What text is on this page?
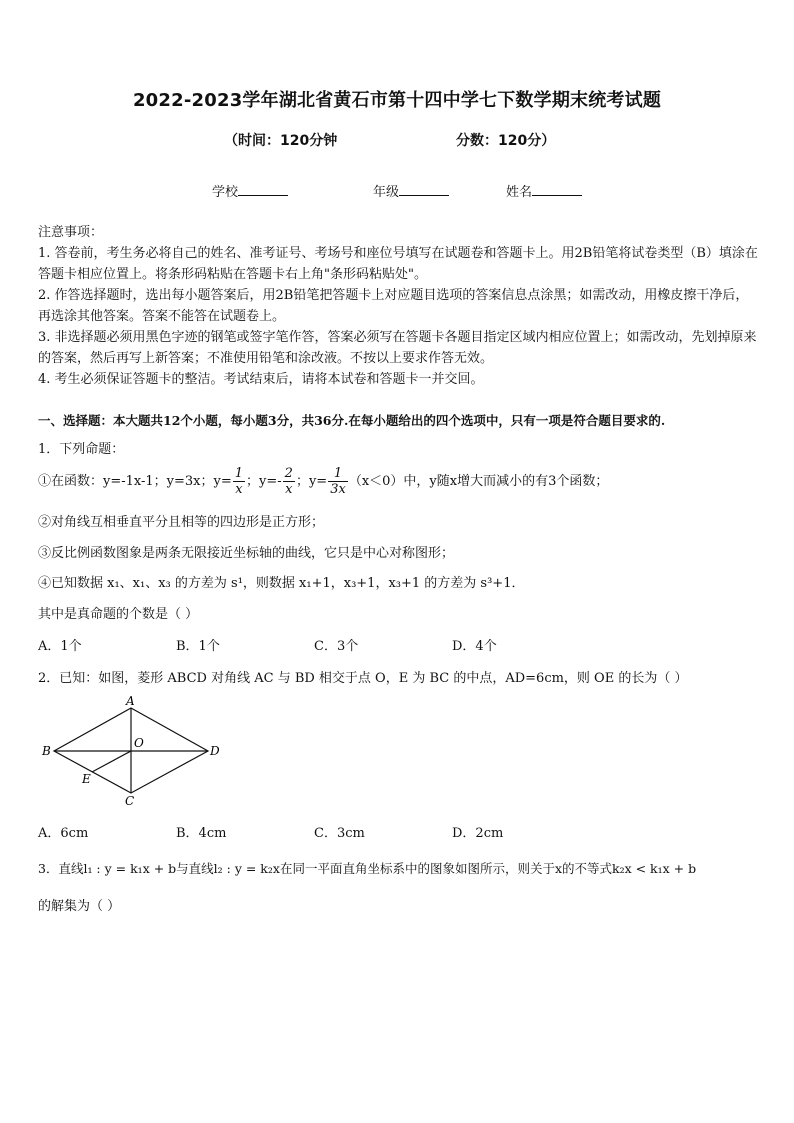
2022-2023学年湖北省黄石市第十四中学七下数学期末统考试题
（时间：120分钟	分数：120分）
学校	年级	姓名
注意事项：
1. 答卷前，考生务必将自己的姓名、准考证号、考场号和座位号填写在试题卷和答题卡上。用2B铅笔将试卷类型（B）填涂在答题卡相应位置上。将条形码粘贴在答题卡右上角"条形码粘贴处"。
2. 作答选择题时，选出每小题答案后，用2B铅笔把答题卡上对应题目选项的答案信息点涂黑；如需改动，用橡皮擦干净后，再选涂其他答案。答案不能答在试题卷上。
3. 非选择题必须用黑色字迹的钢笔或签字笔作答，答案必须写在答题卡各题目指定区域内相应位置上；如需改动，先划掉原来的答案，然后再写上新答案；不准使用铅笔和涂改液。不按以上要求作答无效。
4. 考生必须保证答题卡的整洁。考试结束后，请将本试卷和答题卡一并交回。
一、选择题：本大题共12个小题，每小题3分，共36分.在每小题给出的四个选项中，只有一项是符合题目要求的.
1．下列命题：
①在函数：y=-1x-1；y=3x；$y= \frac{1}{x}$ ；$y=- \frac{2}{x}$ ；$y= \frac{1}{3x} (x<0)$中，y随x增大而减小的有3个函数；
②对角线互相垂直平分且相等的四边形是正方形；
③反比例函数图象是两条无限接近坐标轴的曲线，它只是中心对称图形；
④已知数据 x₁、x₁、x₃ 的方差为 s¹，则数据 x₁+1，x₃+1，x₃+1 的方差为 s³+1．
其中是真命题的个数是（ ）
A．1个	B．1个	C．3个	D．4个
2．已知：如图，菱形 ABCD 对角线 AC 与 BD 相交于点 O，E 为 BC 的中点，AD=6cm，则 OE 的长为（ ）
A
B
C
D
O
E
A．6cm	B．4cm	C．3cm	D．2cm
3．直线l₁ : y = k₁x + b与直线l₂ : y = k₂x在同一平面直角坐标系中的图象如图所示，则关于x的不等式k₂x < k₁x + b
的解集为（ ）
